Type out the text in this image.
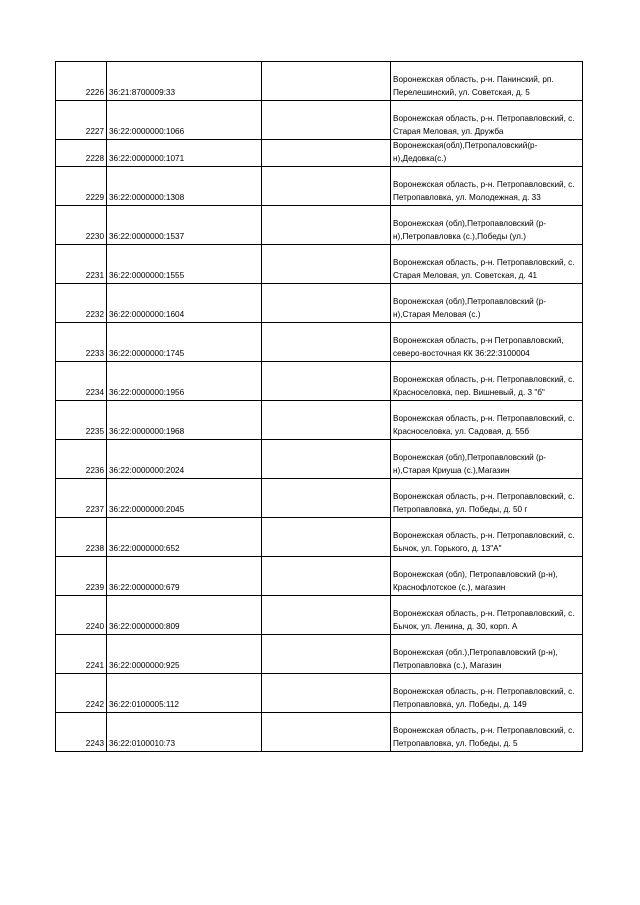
2226	36:21:8700009:33		Воронежская область, р-н. Панинский, рп. Перелешинский, ул. Советская, д. 5
2227	36:22:0000000:1066		Воронежская область, р-н. Петропавловский, с. Старая Меловая, ул. Дружба
2228	36:22:0000000:1071		Воронежская(обл),Петропаловский(р-н),Дедовка(с.)
2229	36:22:0000000:1308		Воронежская область, р-н. Петропавловский, с. Петропавловка, ул. Молодежная, д. 33
2230	36:22:0000000:1537		Воронежская (обл),Петропавловский (р-н),Петропавловка (с.),Победы (ул.)
2231	36:22:0000000:1555		Воронежская область, р-н. Петропавловский, с. Старая Меловая, ул. Советская, д. 41
2232	36:22:0000000:1604		Воронежская (обл),Петропавловский (р-н),Старая Меловая (с.)
2233	36:22:0000000:1745		Воронежская область, р-н Петропавловский, северо-восточная КК 36:22:3100004
2234	36:22:0000000:1956		Воронежская область, р-н. Петропавловский, с. Красноселовка, пер. Вишневый, д. 3 "б"
2235	36:22:0000000:1968		Воронежская область, р-н. Петропавловский, с. Красноселовка, ул. Садовая, д. 55б
2236	36:22:0000000:2024		Воронежская (обл),Петропавловский (р-н),Старая Криуша (с.),Магазин
2237	36:22:0000000:2045		Воронежская область, р-н. Петропавловский, с. Петропавловка, ул. Победы, д. 50 г
2238	36:22:0000000:652		Воронежская область, р-н. Петропавловский, с. Бычок, ул. Горького, д. 13"А"
2239	36:22:0000000:679		Воронежская (обл), Петропавловский (р-н), Краснофлотское (с.), магазин
2240	36:22:0000000:809		Воронежская область, р-н. Петропавловский, с. Бычок, ул. Ленина, д. 30, корп. А
2241	36:22:0000000:925		Воронежская (обл.),Петропавловский (р-н), Петропавловка (с.), Магазин
2242	36:22:0100005:112		Воронежская область, р-н. Петропавловский, с. Петропавловка, ул. Победы, д. 149
2243	36:22:0100010:73		Воронежская область, р-н. Петропавловский, с. Петропавловка, ул. Победы, д. 5
